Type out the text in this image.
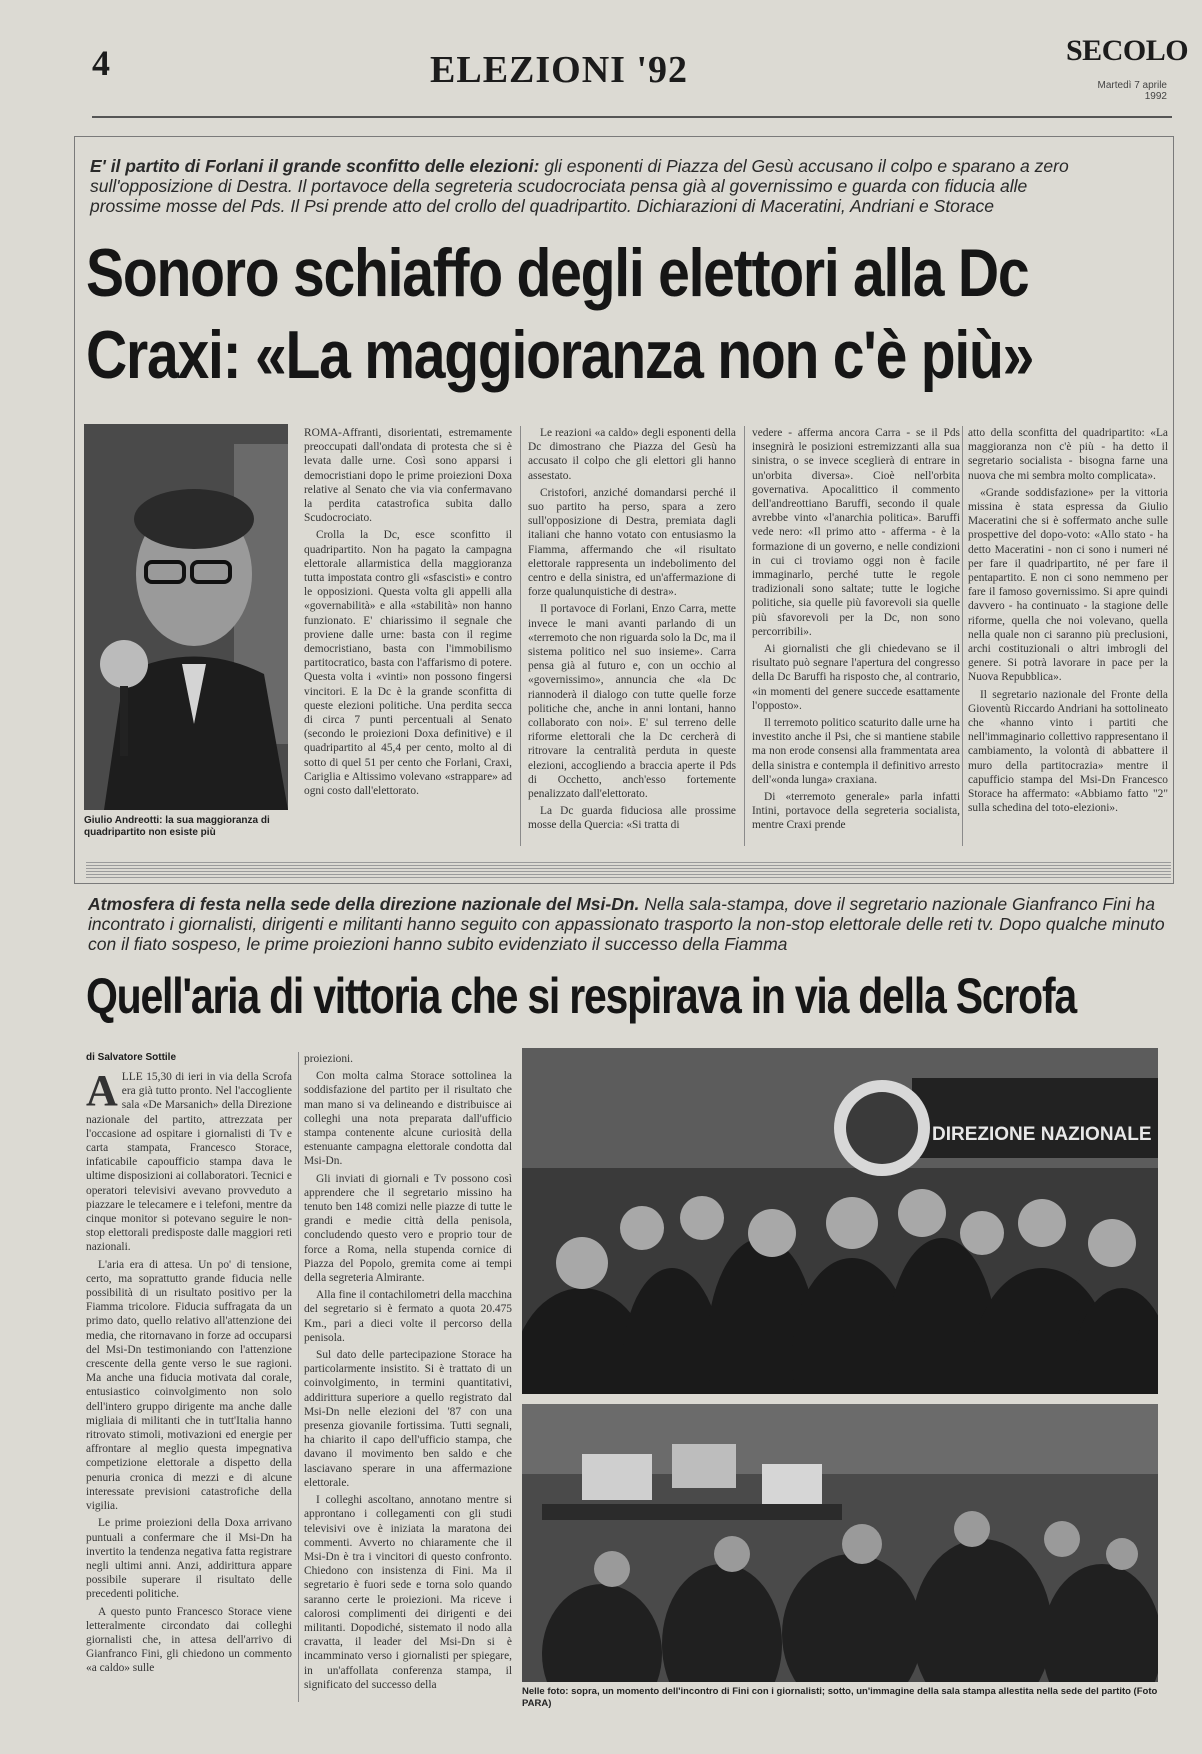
4	ELEZIONI '92	SECOLO
Martedì 7 aprile 1992
E' il partito di Forlani il grande sconfitto delle elezioni: gli esponenti di Piazza del Gesù accusano il colpo e sparano a zero sull'opposizione di Destra. Il portavoce della segreteria scudocrociata pensa già al governissimo e guarda con fiducia alle prossime mosse del Pds. Il Psi prende atto del crollo del quadripartito. Dichiarazioni di Maceratini, Andriani e Storace
Sonoro schiaffo degli elettori alla Dc
Craxi: «La maggioranza non c'è più»
Giulio Andreotti: la sua maggioranza di quadripartito non esiste più

ROMA-Affranti, disorientati, estremamente preoccupati dall'ondata di protesta che si è levata dalle urne. Così sono apparsi i democristiani dopo le prime proiezioni Doxa relative al Senato che via via confermavano la perdita catastrofica subita dallo Scudocrociato.

Crolla la Dc, esce sconfitto il quadripartito. Non ha pagato la campagna elettorale allarmistica della maggioranza tutta impostata contro gli «sfascisti» e contro le opposizioni. Questa volta gli appelli alla «governabilità» e alla «stabilità» non hanno funzionato. E' chiarissimo il segnale che proviene dalle urne: basta con il regime democristiano, basta con l'immobilismo partitocratico, basta con l'affarismo di potere. Questa volta i «vinti» non possono fingersi vincitori. E la Dc è la grande sconfitta di queste elezioni politiche. Una perdita secca di circa 7 punti percentuali al Senato (secondo le proiezioni Doxa definitive) e il quadripartito al 45,4 per cento, molto al di sotto di quel 51 per cento che Forlani, Craxi, Cariglia e Altissimo volevano «strappare» ad ogni costo dall'elettorato.

Le reazioni «a caldo» degli esponenti della Dc dimostrano che Piazza del Gesù ha accusato il colpo che gli elettori gli hanno assestato.

Cristofori, anziché domandarsi perché il suo partito ha perso, spara a zero sull'opposizione di Destra, premiata dagli italiani che hanno votato con entusiasmo la Fiamma, affermando che «il risultato elettorale rappresenta un indebolimento del centro e della sinistra, ed un'affermazione di forze qualunquistiche di destra».

Il portavoce di Forlani, Enzo Carra, mette invece le mani avanti parlando di un «terremoto che non riguarda solo la Dc, ma il sistema politico nel suo insieme». Carra pensa già al futuro e, con un occhio al «governissimo», annuncia che «la Dc riannoderà il dialogo con tutte quelle forze politiche che, anche in anni lontani, hanno collaborato con noi». E' sul terreno delle riforme elettorali che la Dc cercherà di ritrovare la centralità perduta in queste elezioni, accogliendo a braccia aperte il Pds di Occhetto, anch'esso fortemente penalizzato dall'elettorato.

La Dc guarda fiduciosa alle prossime mosse della Quercia: «Si tratta di

vedere - afferma ancora Carra - se il Pds insegnirà le posizioni estremizzanti alla sua sinistra, o se invece sceglierà di entrare in un'orbita diversa». Cioè nell'orbita governativa. Apocalittico il commento dell'andreottiano Baruffi, secondo il quale avrebbe vinto «l'anarchia politica». Baruffi vede nero: «Il primo atto - afferma - è la formazione di un governo, e nelle condizioni in cui ci troviamo oggi non è facile immaginarlo, perché tutte le regole tradizionali sono saltate; tutte le logiche politiche, sia quelle più favorevoli sia quelle più sfavorevoli per la Dc, non sono percorribili».

Ai giornalisti che gli chiedevano se il risultato può segnare l'apertura del congresso della Dc Baruffi ha risposto che, al contrario, «in momenti del genere succede esattamente l'opposto».

Il terremoto politico scaturito dalle urne ha investito anche il Psi, che si mantiene stabile ma non erode consensi alla frammentata area della sinistra e contempla il definitivo arresto dell'«onda lunga» craxiana.

Di «terremoto generale» parla infatti Intini, portavoce della segreteria socialista, mentre Craxi prende

atto della sconfitta del quadripartito: «La maggioranza non c'è più - ha detto il segretario socialista - bisogna farne una nuova che mi sembra molto complicata».

«Grande soddisfazione» per la vittoria missina è stata espressa da Giulio Maceratini che si è soffermato anche sulle prospettive del dopo-voto: «Allo stato - ha detto Maceratini - non ci sono i numeri né per fare il quadripartito, né per fare il pentapartito. E non ci sono nemmeno per fare il famoso governissimo. Si apre quindi davvero - ha continuato - la stagione delle riforme, quella che noi volevano, quella nella quale non ci saranno più preclusioni, archi costituzionali o altri imbrogli del genere. Si potrà lavorare in pace per la Nuova Repubblica».

Il segretario nazionale del Fronte della Gioventù Riccardo Andriani ha sottolineato che «hanno vinto i partiti che nell'immaginario collettivo rappresentano il cambiamento, la volontà di abbattere il muro della partitocrazia» mentre il capufficio stampa del Msi-Dn Francesco Storace ha affermato: «Abbiamo fatto "2" sulla schedina del toto-elezioni».

Atmosfera di festa nella sede della direzione nazionale del Msi-Dn. Nella sala-stampa, dove il segretario nazionale Gianfranco Fini ha incontrato i giornalisti, dirigenti e militanti hanno seguito con appassionato trasporto la non-stop elettorale delle reti tv. Dopo qualche minuto con il fiato sospeso, le prime proiezioni hanno subito evidenziato il successo della Fiamma
Quell'aria di vittoria che si respirava in via della Scrofa
di Salvatore Sottile

ALLE 15,30 di ieri in via della Scrofa era già tutto pronto. Nel l'accogliente sala «De Marsanich» della Direzione nazionale del partito, attrezzata per l'occasione ad ospitare i giornalisti di Tv e carta stampata, Francesco Storace, infaticabile capoufficio stampa dava le ultime disposizioni ai collaboratori. Tecnici e operatori televisivi avevano provveduto a piazzare le telecamere e i telefoni, mentre da cinque monitor si potevano seguire le non-stop elettorali predisposte dalle maggiori reti nazionali.

L'aria era di attesa. Un po' di tensione, certo, ma soprattutto grande fiducia nelle possibilità di un risultato positivo per la Fiamma tricolore. Fiducia suffragata da un primo dato, quello relativo all'attenzione dei media, che ritornavano in forze ad occuparsi del Msi-Dn testimoniando con l'attenzione crescente della gente verso le sue ragioni. Ma anche una fiducia motivata dal corale, entusiastico coinvolgimento non solo dell'intero gruppo dirigente ma anche dalle migliaia di militanti che in tutt'Italia hanno ritrovato stimoli, motivazioni ed energie per affrontare al meglio questa impegnativa competizione elettorale a dispetto della penuria cronica di mezzi e di alcune interessate previsioni catastrofiche della vigilia.

Le prime proiezioni della Doxa arrivano puntuali a confermare che il Msi-Dn ha invertito la tendenza negativa fatta registrare negli ultimi anni. Anzi, addirittura appare possibile superare il risultato delle precedenti politiche.

A questo punto Francesco Storace viene letteralmente circondato dai colleghi giornalisti che, in attesa dell'arrivo di Gianfranco Fini, gli chiedono un commento «a caldo» sulle

proiezioni.

Con molta calma Storace sottolinea la soddisfazione del partito per il risultato che man mano si va delineando e distribuisce ai colleghi una nota preparata dall'ufficio stampa contenente alcune curiosità della estenuante campagna elettorale condotta dal Msi-Dn.

Gli inviati di giornali e Tv possono così apprendere che il segretario missino ha tenuto ben 148 comizi nelle piazze di tutte le grandi e medie città della penisola, concludendo questo vero e proprio tour de force a Roma, nella stupenda cornice di Piazza del Popolo, gremita come ai tempi della segreteria Almirante.

Alla fine il contachilometri della macchina del segretario si è fermato a quota 20.475 Km., pari a dieci volte il percorso della penisola.

Sul dato delle partecipazione Storace ha particolarmente insistito. Si è trattato di un coinvolgimento, in termini quantitativi, addirittura superiore a quello registrato dal Msi-Dn nelle elezioni del '87 con una presenza giovanile fortissima. Tutti segnali, ha chiarito il capo dell'ufficio stampa, che davano il movimento ben saldo e che lasciavano sperare in una affermazione elettorale.

I colleghi ascoltano, annotano mentre si approntano i collegamenti con gli studi televisivi ove è iniziata la maratona dei commenti. Avverto no chiaramente che il Msi-Dn è tra i vincitori di questo confronto. Chiedono con insistenza di Fini. Ma il segretario è fuori sede e torna solo quando saranno certe le proiezioni. Ma riceve i calorosi complimenti dei dirigenti e dei militanti. Dopodiché, sistemato il nodo alla cravatta, il leader del Msi-Dn si è incamminato verso i giornalisti per spiegare, in un'affollata conferenza stampa, il significato del successo della

DIREZIONE NAZIONALE
Nelle foto: sopra, un momento dell'incontro di Fini con i giornalisti; sotto, un'immagine della sala stampa allestita nella sede del partito (Foto PARA)
